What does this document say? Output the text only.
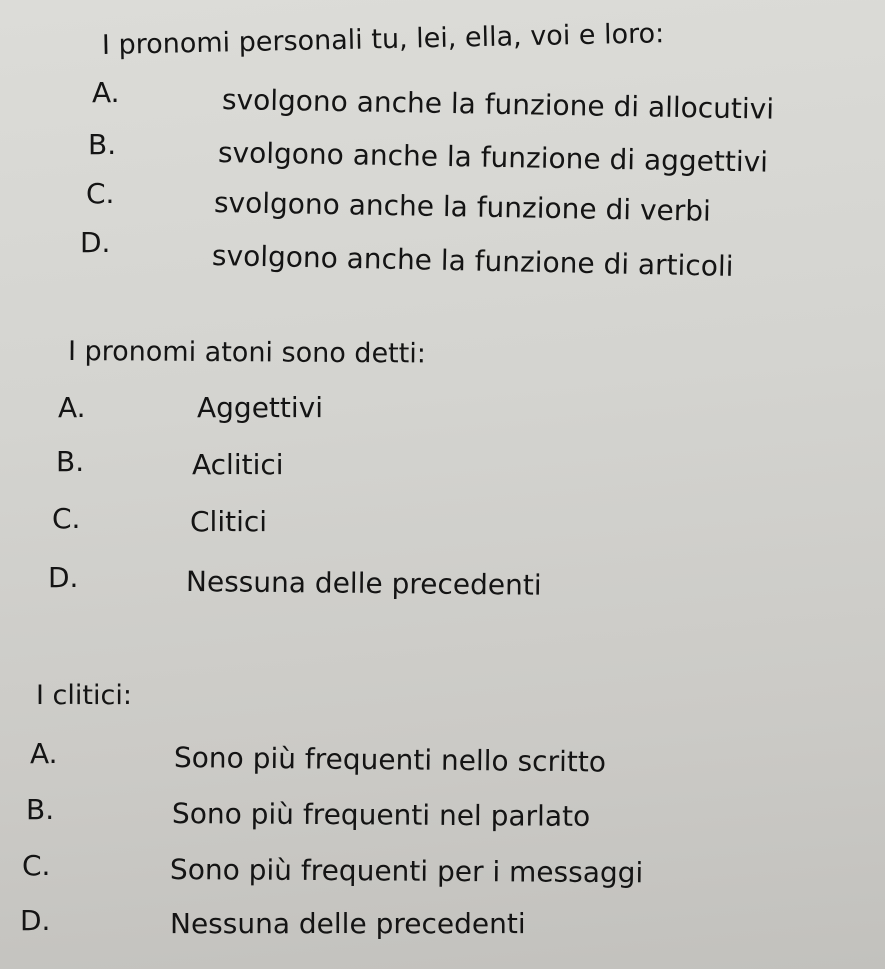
I pronomi personali tu, lei, ella, voi e loro:
A.	svolgono anche la funzione di allocutivi
B.	svolgono anche la funzione di aggettivi
C.	svolgono anche la funzione di verbi
D.	svolgono anche la funzione di articoli
I pronomi atoni sono detti:
A.	Aggettivi
B.	Aclitici
C.	Clitici
D.	Nessuna delle precedenti
I clitici:
A.	Sono più frequenti nello scritto
B.	Sono più frequenti nel parlato
C.	Sono più frequenti per i messaggi
D.	Nessuna delle precedenti
